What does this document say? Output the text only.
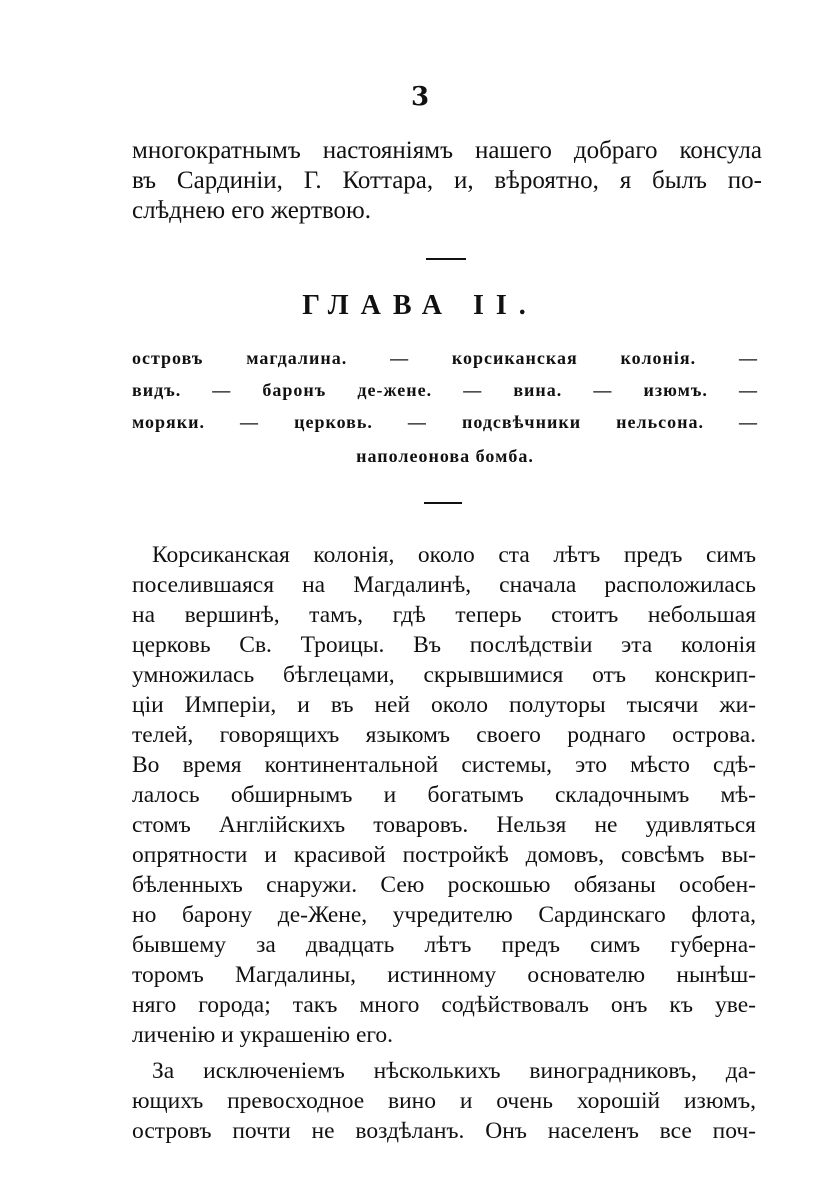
3
многократнымъ настоянiямъ нашего добраго консула
въ Сардинiи, Г. Коттара, и, вѣроятно, я былъ по-
слѣднею его жертвою.
ГЛАВА II.
островъ магдалина. — корсиканская колонiя. —
видъ. — баронъ де-жене. — вина. — изюмъ. —
моряки. — церковь. — подсвѣчники нельсона. —
наполеонова бомба.
Корсиканская колонiя, около ста лѣтъ предъ симъ
поселившаяся на Магдалинѣ, сначала расположилась
на вершинѣ, тамъ, гдѣ теперь стоитъ небольшая
церковь Св. Троицы. Въ послѣдствiи эта колонiя
умножилась бѣглецами, скрывшимися отъ конскрип-
цiи Имперiи, и въ ней около полуторы тысячи жи-
телей, говорящихъ языкомъ своего роднаго острова.
Во время континентальной системы, это мѣсто сдѣ-
лалось обширнымъ и богатымъ складочнымъ мѣ-
стомъ Англiйскихъ товаровъ. Нельзя не удивляться
опрятности и красивой постройкѣ домовъ, совсѣмъ вы-
бѣленныхъ снаружи. Сею роскошью обязаны особен-
но барону де-Жене, учредителю Сардинскаго флота,
бывшему за двадцать лѣтъ предъ симъ губерна-
торомъ Магдалины, истинному основателю нынѣш-
няго города; такъ много содѣйствовалъ онъ къ уве-
личенiю и украшенiю его.
За исключенiемъ нѣсколькихъ виноградниковъ, да-
ющихъ превосходное вино и очень хорошiй изюмъ,
островъ почти не воздѣланъ. Онъ населенъ все поч-
